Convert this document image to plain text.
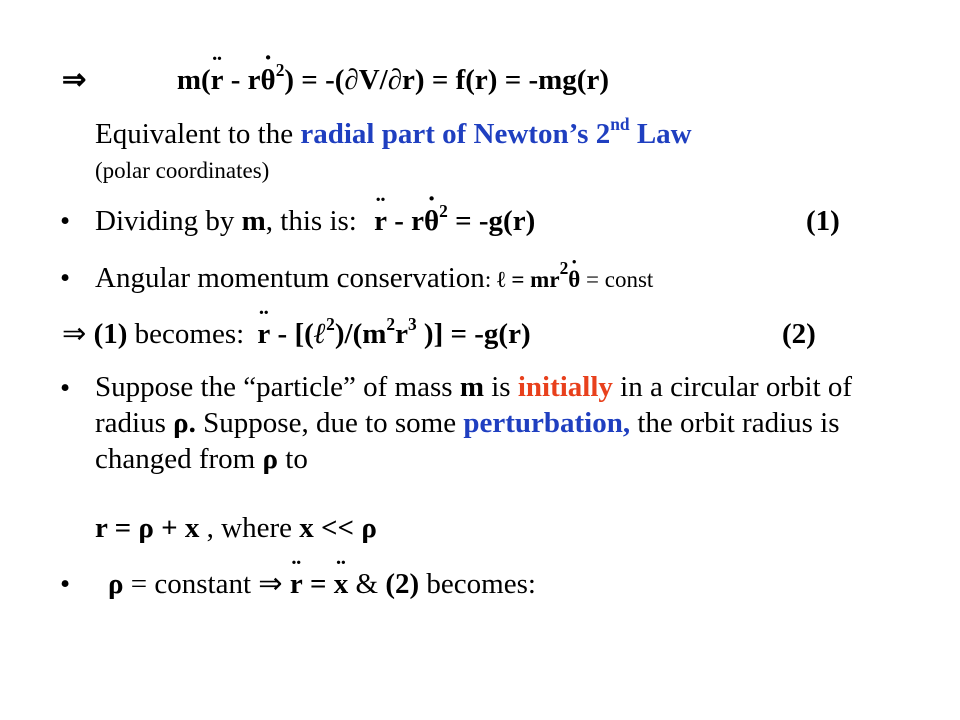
⇒	m(¨ r - r˙ $\theta^2) = -(\partial V/\partial r) = f(r) = -mg(r)$
Equivalent to the radial part of Newton’s 2nd Law
(polar coordinates)
• Dividing by m, this is: ¨ r - r˙ $\theta^2 = -g(r)$	(1)
• Angular momentum conservation: ℓ = $mr^2˙$ θ = const
⇒ (1) becomes: ¨ r - [$(\ell^2)/(m^2r^3$ )] = -g(r)	(2)
• Suppose the “particle” of mass m is initially in a circular orbit of radius ρ. Suppose, due to some perturbation, the orbit radius is changed from ρ to
r = ρ + x , where x << ρ
• ρ = constant ⇒ ¨ r = ¨ x & (2) becomes:
